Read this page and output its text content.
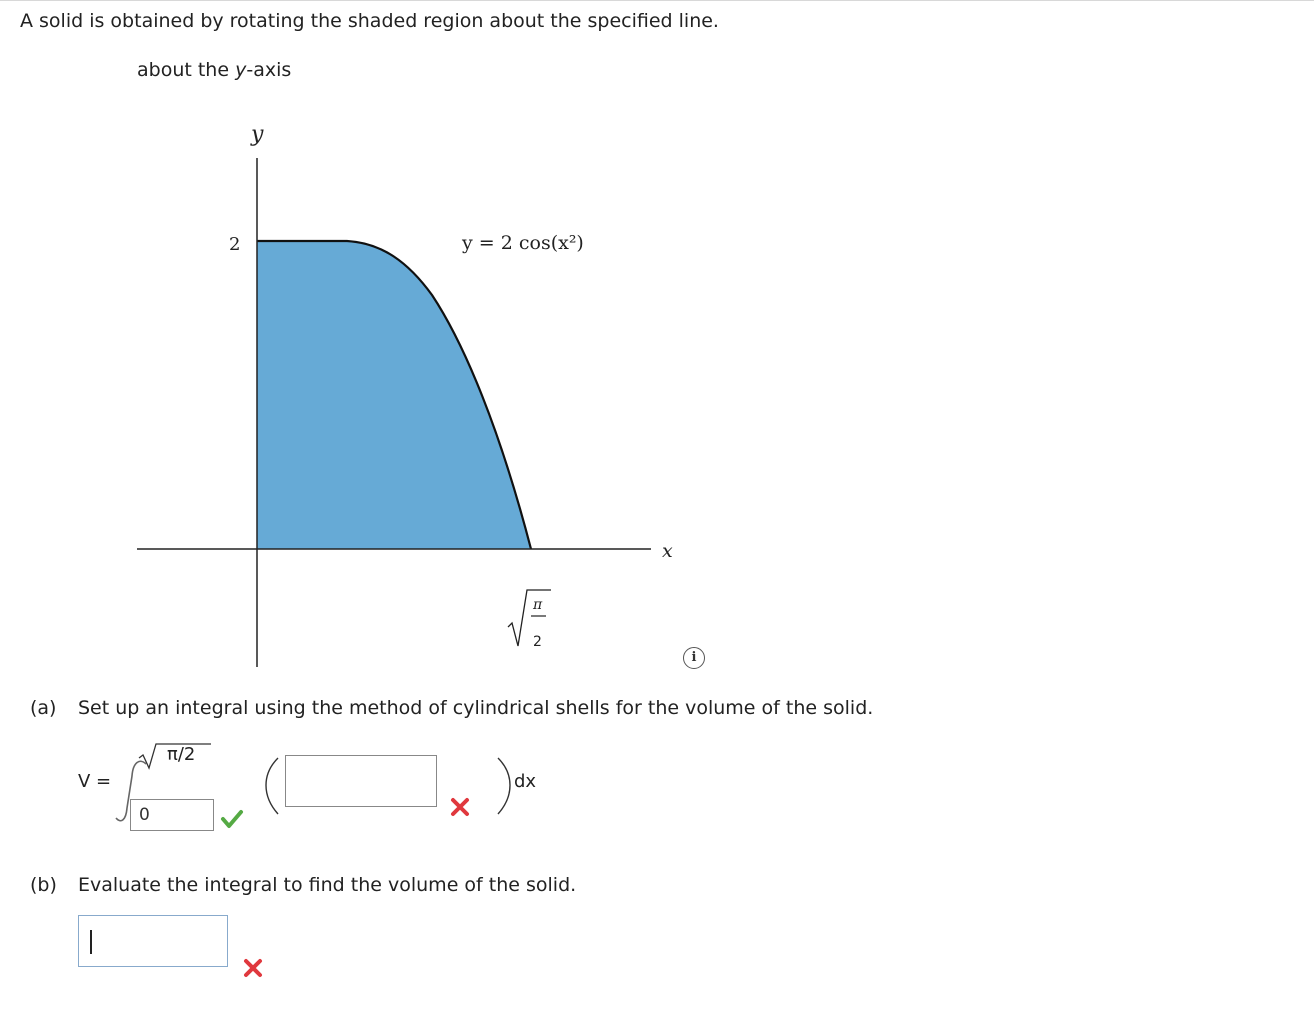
A solid is obtained by rotating the shaded region about the specified line.
about the y-axis
y
x
2	y = 2 cos(x²)
π
2
i
(a) Set up an integral using the method of cylindrical shells for the volume of the solid.
V =
π/2
0
dx
(b) Evaluate the integral to find the volume of the solid.
